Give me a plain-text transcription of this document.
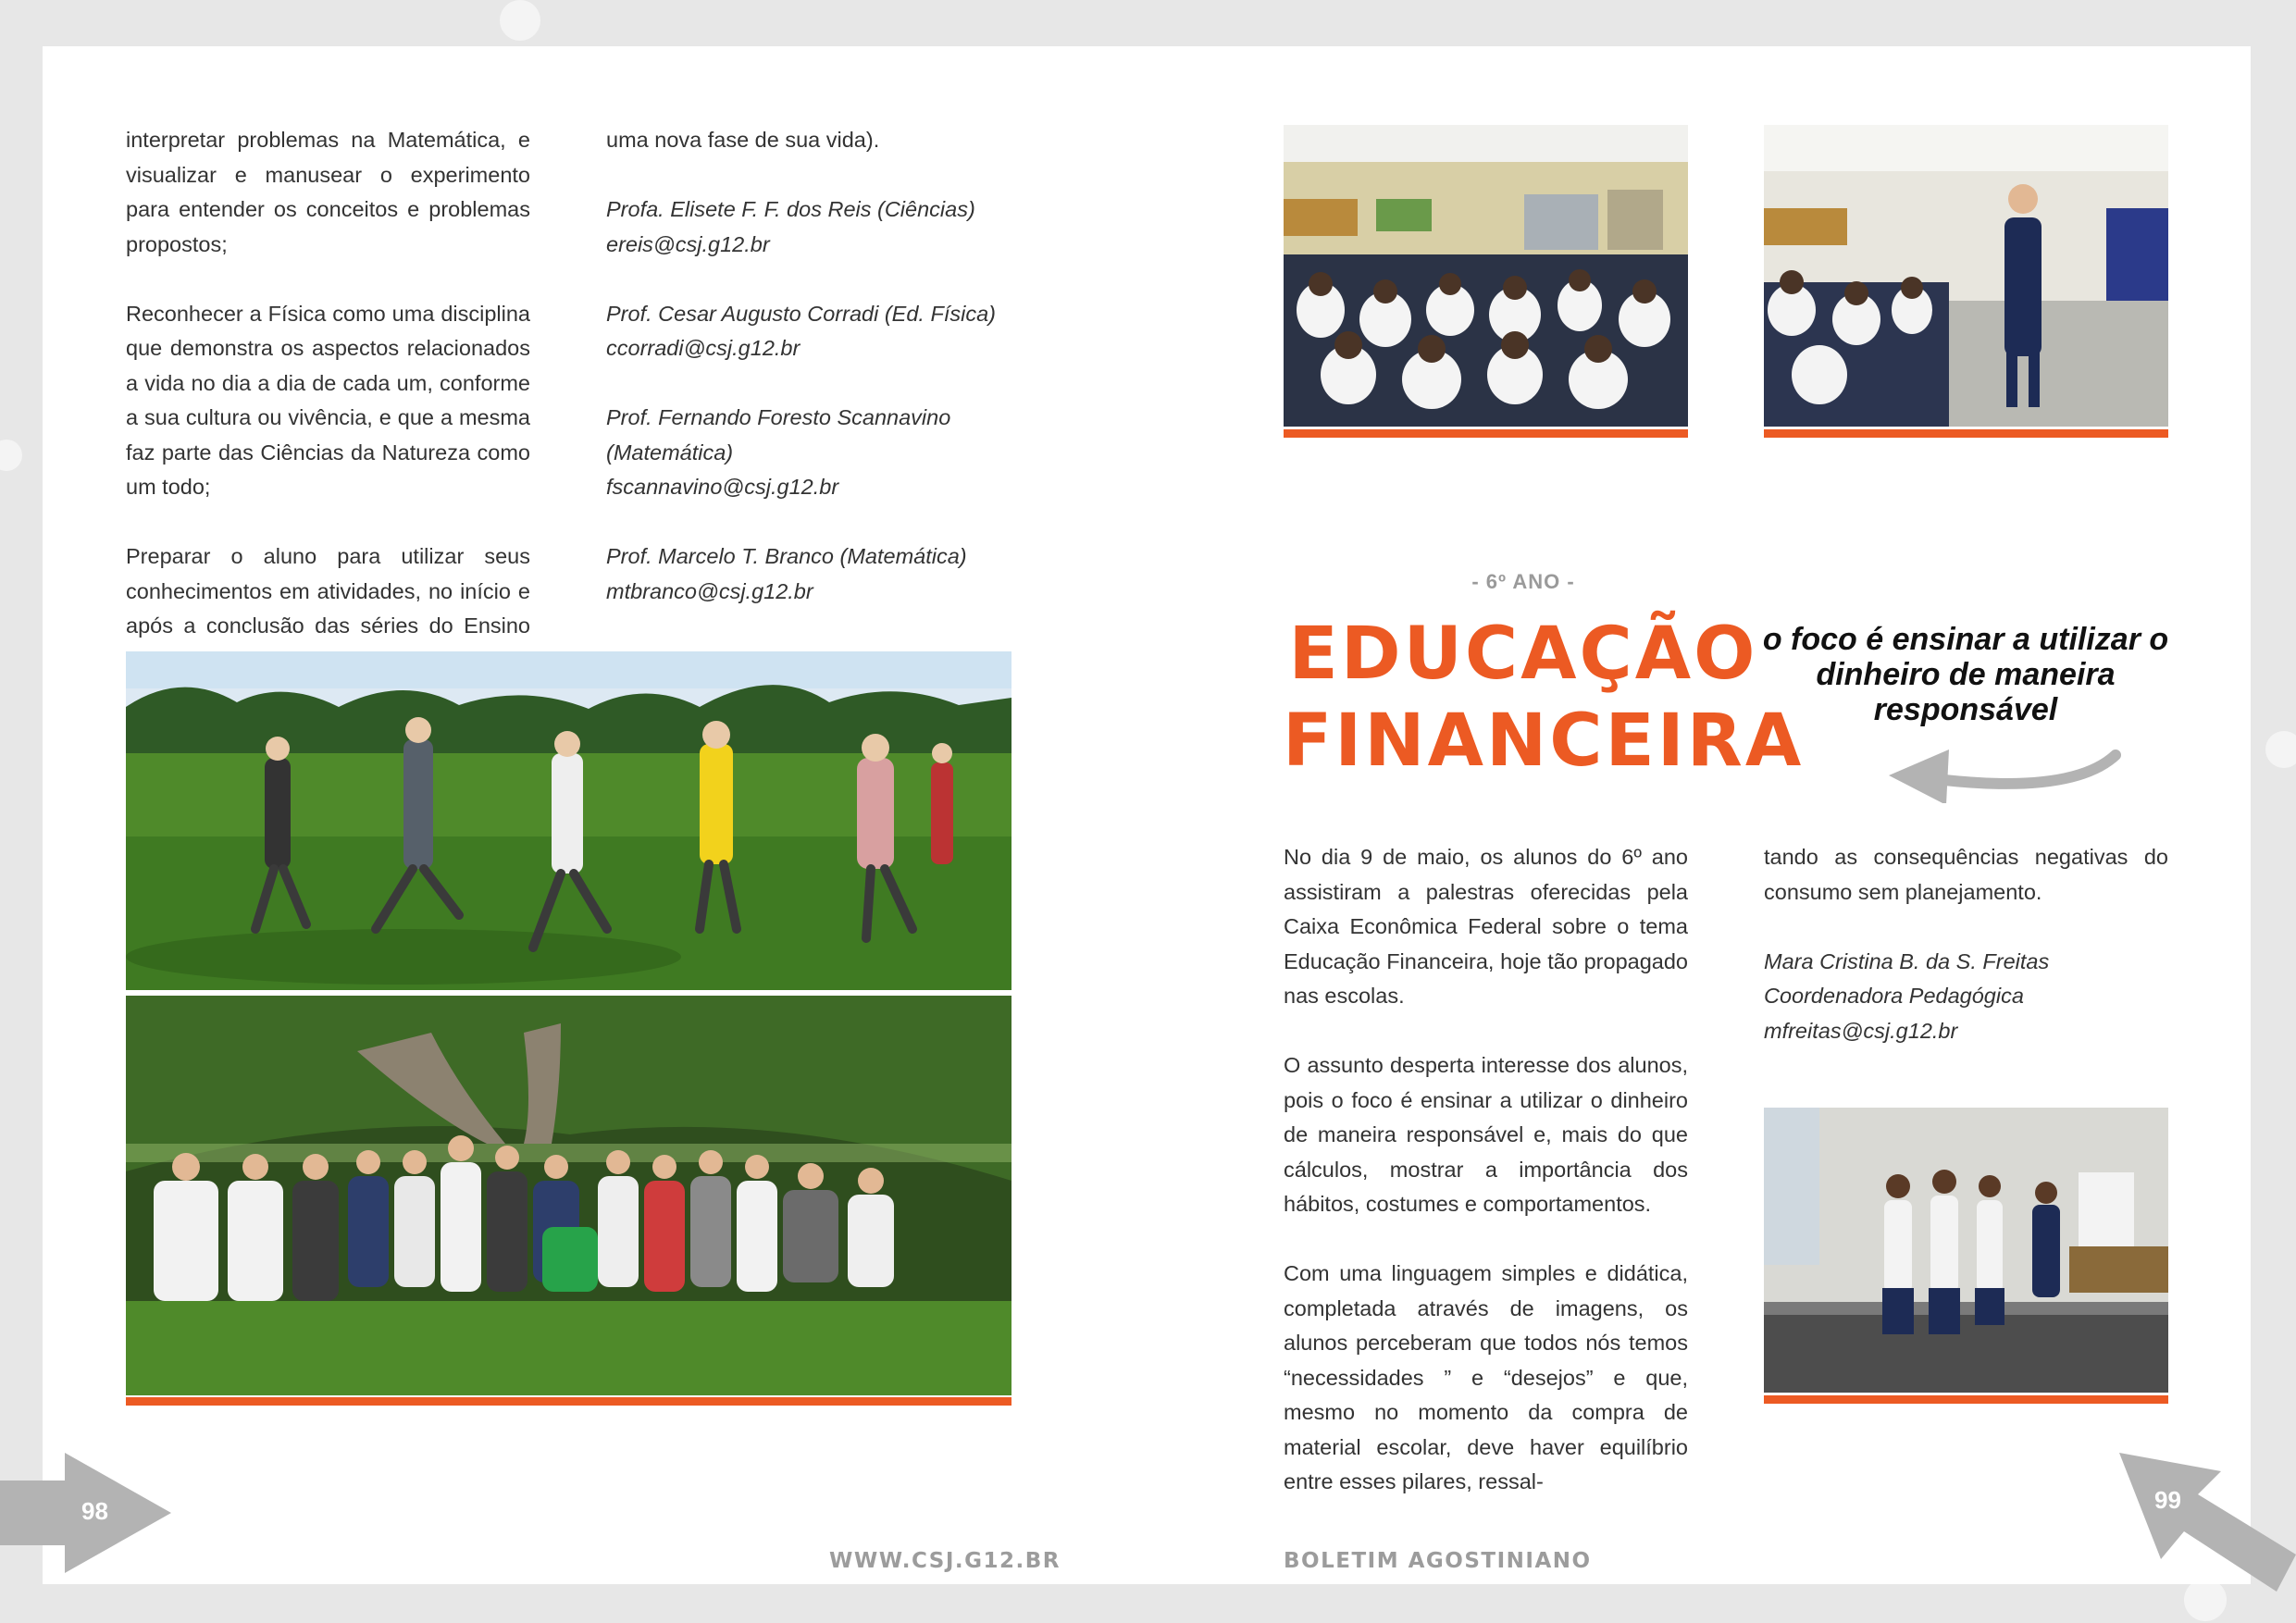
interpretar problemas na Matemática, e visualizar e manusear o experimento para entender os conceitos e problemas propostos;

Reconhecer a Física como uma disciplina que demonstra os aspectos relacionados a vida no dia a dia de cada um, conforme a sua cultura ou vivência, e que a mesma faz parte das Ciências da Natureza como um todo;

Preparar o aluno para utilizar seus conhecimentos em atividades, no início e após a conclusão das séries do Ensino

uma nova fase de sua vida).

Profa. Elisete F. F. dos Reis (Ciências)
ereis@csj.g12.br

Prof. Cesar Augusto Corradi (Ed. Física)
ccorradi@csj.g12.br

Prof. Fernando Foresto Scannavino (Matemática)
fscannavino@csj.g12.br

Prof. Marcelo T. Branco (Matemática)
mtbranco@csj.g12.br	- 6º ANO -
EDUCAÇÃO
FINANCEIRA
o foco é ensinar a utilizar o dinheiro de maneira responsável

No dia 9 de maio, os alunos do 6º ano assistiram a palestras oferecidas pela Caixa Econômica Federal sobre o tema Educação Financeira, hoje tão propagado nas escolas.

O assunto desperta interesse dos alunos, pois o foco é ensinar a utilizar o dinheiro de maneira responsável e, mais do que cálculos, mostrar a importância dos hábitos, costumes e comportamentos.

Com uma linguagem simples e didática, completada através de imagens, os alunos perceberam que todos nós temos “necessidades ” e “desejos” e que, mesmo no momento da compra de material escolar, deve haver equilíbrio entre esses pilares, ressal-

tando as consequências negativas do consumo sem planejamento.

Mara Cristina B. da S. Freitas
Coordenadora Pedagógica
mfreitas@csj.g12.br

WWW.CSJ.G12.BR	BOLETIM AGOSTINIANO
98	99
